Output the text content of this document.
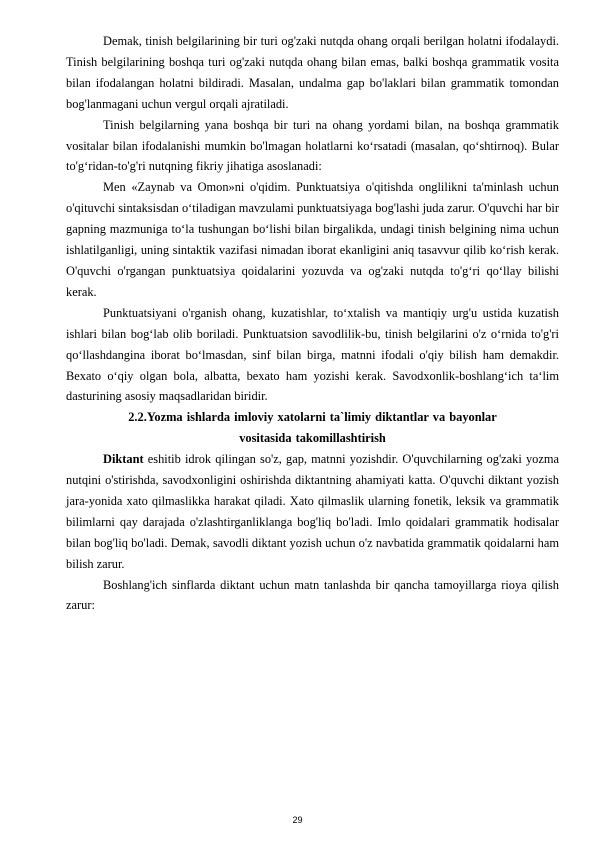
Demak, tinish belgilarining bir turi og'zaki nutqda ohang orqali berilgan holatni ifodalaydi. Tinish belgilarining boshqa turi og'zaki nutqda ohang bilan emas, balki boshqa grammatik vosita bilan ifodalangan holatni bildiradi. Masalan, undalma gap bo'laklari bilan grammatik tomondan bog'lanmagani uchun vergul orqali ajratiladi.

Tinish belgilarning yana boshqa bir turi na ohang yordami bilan, na boshqa grammatik vositalar bilan ifodalanishi mumkin bo'lmagan holatlarni ko‘rsatadi (masalan, qo‘shtirnoq). Bular to'g‘ridan-to'g'ri nutqning fikriy jihatiga asoslanadi:

Men «Zaynab va Omon»ni o'qidim. Punktuatsiya o'qitishda onglilikni ta'minlash uchun o'qituvchi sintaksisdan o‘tiladigan mavzulami punktuatsiyaga bog'lashi juda zarur. O'quvchi har bir gapning mazmuniga to‘la tushungan bo‘lishi bilan birgalikda, undagi tinish belgining nima uchun ishlatilganligi, uning sintaktik vazifasi nimadan iborat ekanligini aniq tasavvur qilib ko‘rish kerak. O'quvchi o'rgangan punktuatsiya qoidalarini yozuvda va og'zaki nutqda to'g‘ri qo‘llay bilishi kerak.

Punktuatsiyani o'rganish ohang, kuzatishlar, to‘xtalish va mantiqiy urg'u ustida kuzatish ishlari bilan bog‘lab olib boriladi. Punktuatsion savodlilik-bu, tinish belgilarini o'z o‘rnida to'g'ri qo‘llashdangina iborat bo‘lmasdan, sinf bilan birga, matnni ifodali o'qiy bilish ham demakdir. Bexato o‘qiy olgan bola, albatta, bexato ham yozishi kerak. Savodxonlik-boshlang‘ich ta‘lim dasturining asosiy maqsadlaridan biridir.

2.2.Yozma ishlarda imloviy xatolarni ta`limiy diktantlar va bayonlar

vositasida takomillashtirish

Diktant eshitib idrok qilingan so'z, gap, matnni yozishdir. O'quvchilarning og'zaki yozma nutqini o'stirishda, savodxonligini oshirishda diktantning ahamiyati katta. O'quvchi diktant yozish jara-yonida xato qilmaslikka harakat qiladi. Xato qilmaslik ularning fonetik, leksik va grammatik bilimlarni qay darajada o'zlashtirganliklanga bog'liq bo'ladi. Imlo qoidalari grammatik hodisalar bilan bog'liq bo'ladi. Demak, savodli diktant yozish uchun o'z navbatida grammatik qoidalarni ham bilish zarur.

Boshlang'ich sinflarda diktant uchun matn tanlashda bir qancha tamoyillarga rioya qilish zarur:

29
